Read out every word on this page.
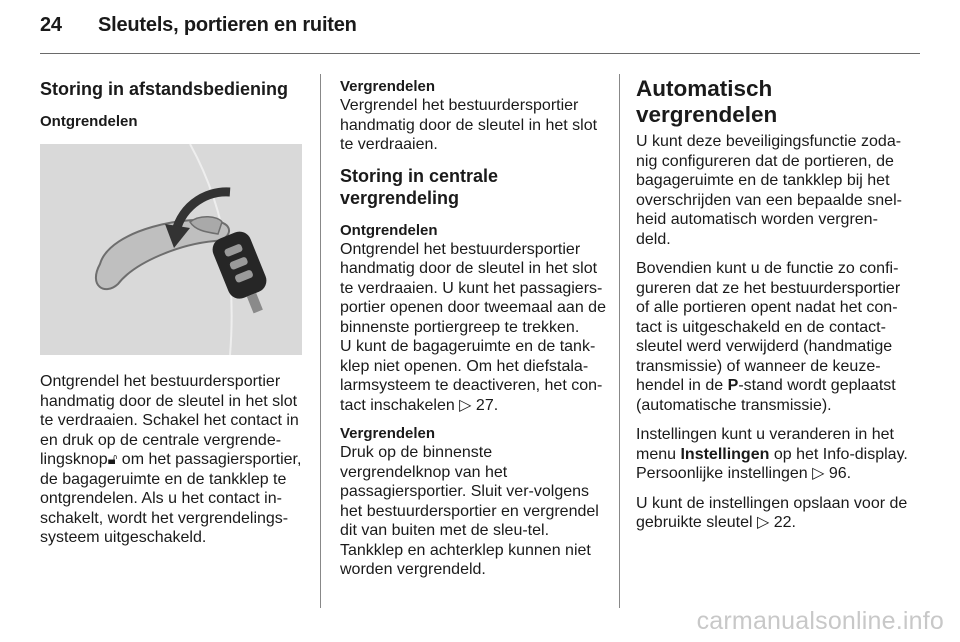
24 Sleutels, portieren en ruiten
Storing in afstandsbediening
Ontgrendelen

Ontgrendel het bestuurdersportier handmatig door de sleutel in het slot te verdraaien. Schakel het contact in en druk op de centrale vergrende-lingsknop🔓︎ om het passagiersportier, de bagageruimte en de tankklep te ontgrendelen. Als u het contact in-schakelt, wordt het vergrendelings-systeem uitgeschakeld.

Vergrendelen

Vergrendel het bestuurdersportier handmatig door de sleutel in het slot te verdraaien.

Storing in centrale vergrendeling
Ontgrendelen

Ontgrendel het bestuurdersportier handmatig door de sleutel in het slot te verdraaien. U kunt het passagiers-portier openen door tweemaal aan de binnenste portiergreep te trekken.

U kunt de bagageruimte en de tank-klep niet openen. Om het diefstala-larmsysteem te deactiveren, het con-tact inschakelen ▷ 27.

Vergrendelen

Druk op de binnenste vergrendelknop van het passagiersportier. Sluit ver-volgens het bestuurdersportier en vergrendel dit van buiten met de sleu-tel. Tankklep en achterklep kunnen niet worden vergrendeld.

Automatisch vergrendelen

U kunt deze beveiligingsfunctie zoda-nig configureren dat de portieren, de bagageruimte en de tankklep bij het overschrijden van een bepaalde snel-heid automatisch worden vergren-deld.

Bovendien kunt u de functie zo confi-gureren dat ze het bestuurdersportier of alle portieren opent nadat het con-tact is uitgeschakeld en de contact-sleutel werd verwijderd (handmatige transmissie) of wanneer de keuze-hendel in de P-stand wordt geplaatst (automatische transmissie).

Instellingen kunt u veranderen in het menu Instellingen op het Info-display. Persoonlijke instellingen ▷ 96.

U kunt de instellingen opslaan voor de gebruikte sleutel ▷ 22.

carmanualsonline.info
